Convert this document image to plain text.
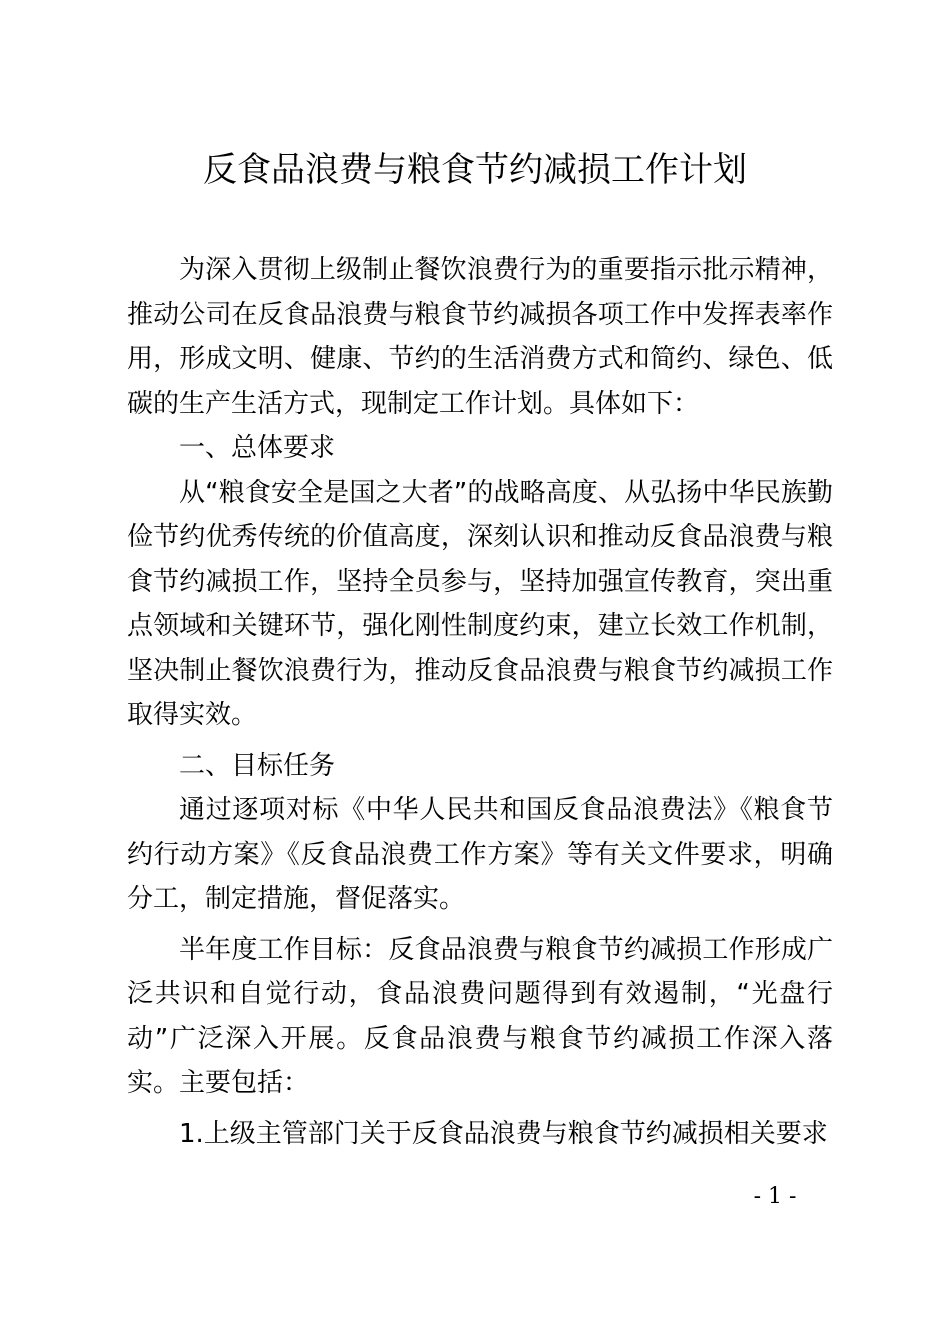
反食品浪费与粮食节约减损工作计划

为深入贯彻上级制止餐饮浪费行为的重要指示批示精神，推动公司在反食品浪费与粮食节约减损各项工作中发挥表率作用，形成文明、健康、节约的生活消费方式和简约、绿色、低碳的生产生活方式，现制定工作计划。具体如下：

一、总体要求

从“粮食安全是国之大者”的战略高度、从弘扬中华民族勤俭节约优秀传统的价值高度，深刻认识和推动反食品浪费与粮食节约减损工作，坚持全员参与，坚持加强宣传教育，突出重点领域和关键环节，强化刚性制度约束，建立长效工作机制，坚决制止餐饮浪费行为，推动反食品浪费与粮食节约减损工作取得实效。

二、目标任务

通过逐项对标《中华人民共和国反食品浪费法》《粮食节约行动方案》《反食品浪费工作方案》等有关文件要求，明确分工，制定措施，督促落实。

半年度工作目标：反食品浪费与粮食节约减损工作形成广泛共识和自觉行动，食品浪费问题得到有效遏制，“光盘行动”广泛深入开展。反食品浪费与粮食节约减损工作深入落实。主要包括：

1.上级主管部门关于反食品浪费与粮食节约减损相关要求

- 1 -
